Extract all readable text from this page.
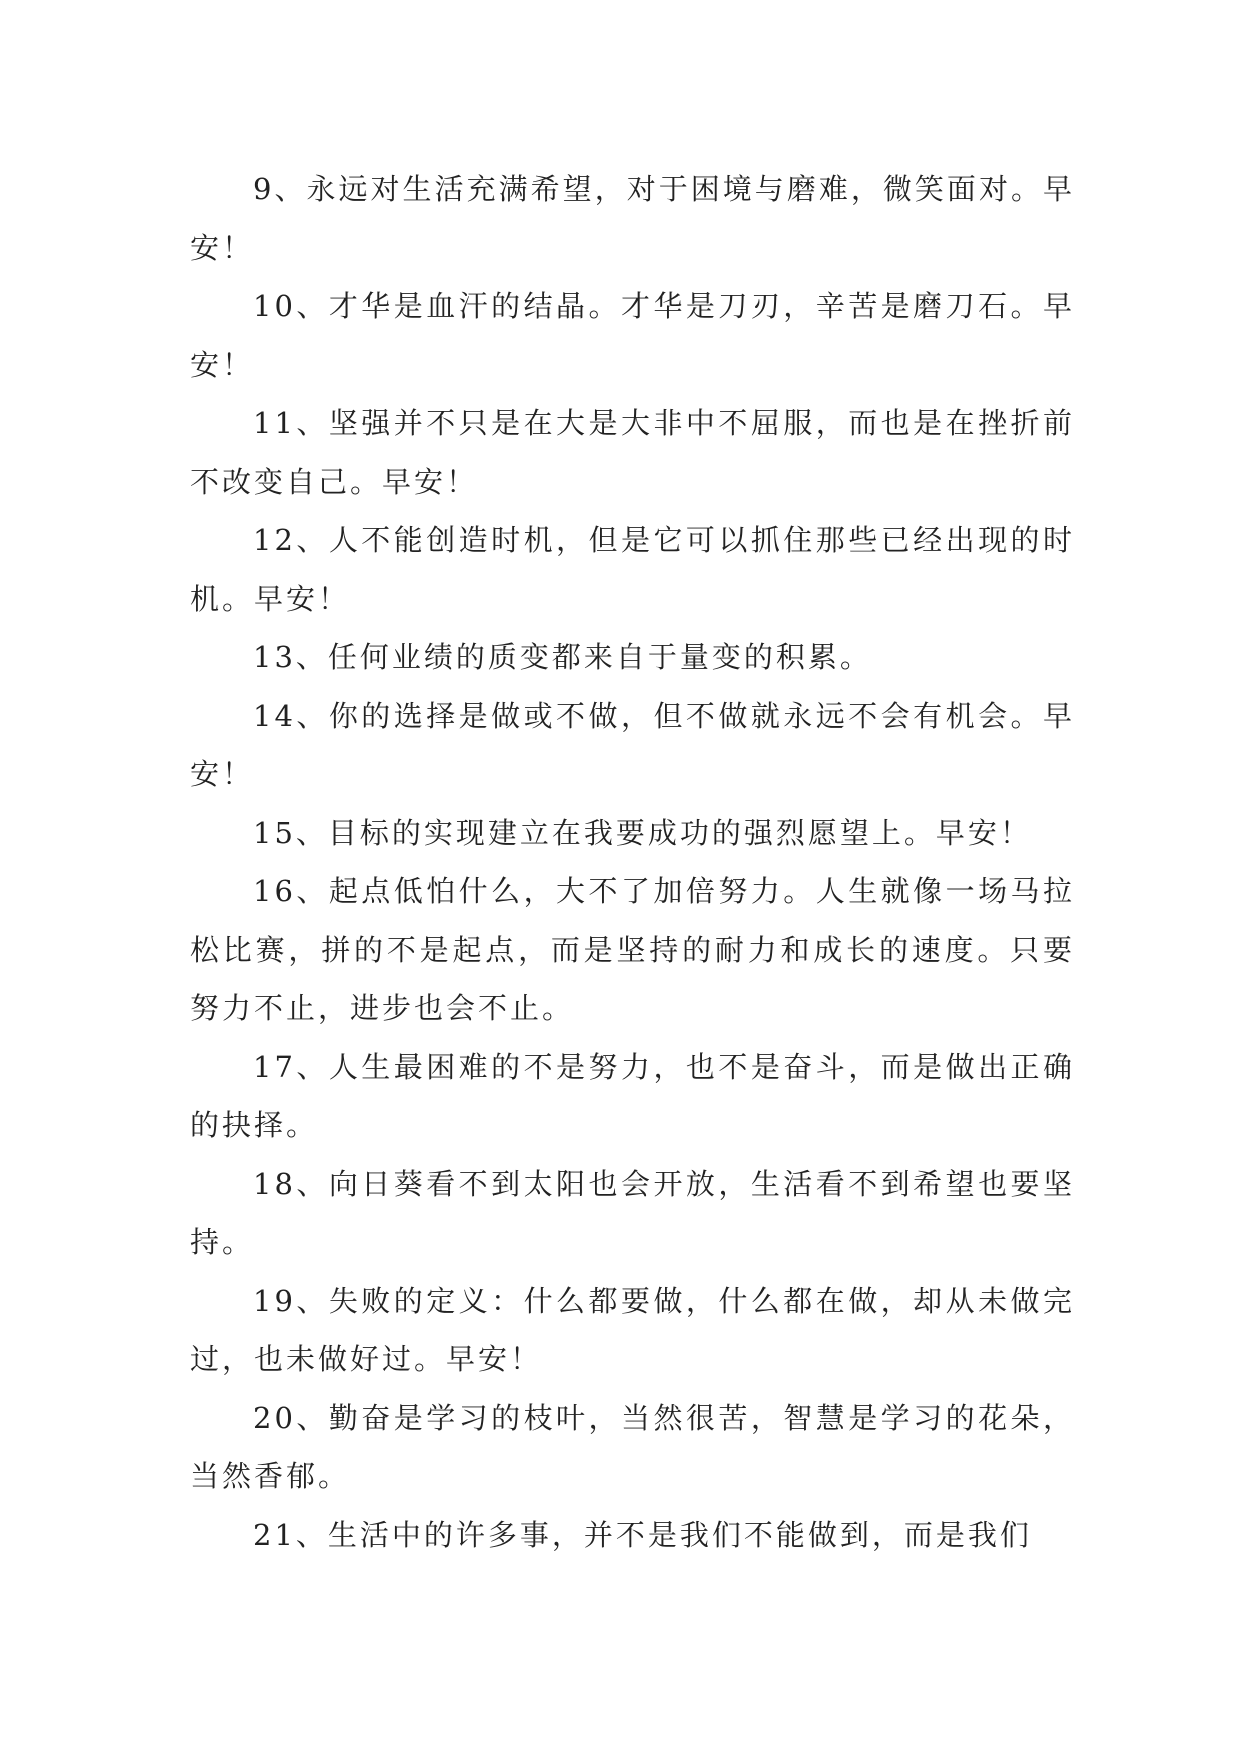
9、永远对生活充满希望，对于困境与磨难，微笑面对。早安！

10、才华是血汗的结晶。才华是刀刃，辛苦是磨刀石。早安！

11、坚强并不只是在大是大非中不屈服，而也是在挫折前不改变自己。早安！

12、人不能创造时机，但是它可以抓住那些已经出现的时机。早安！

13、任何业绩的质变都来自于量变的积累。

14、你的选择是做或不做，但不做就永远不会有机会。早安！

15、目标的实现建立在我要成功的强烈愿望上。早安！

16、起点低怕什么，大不了加倍努力。人生就像一场马拉松比赛，拼的不是起点，而是坚持的耐力和成长的速度。只要努力不止，进步也会不止。

17、人生最困难的不是努力，也不是奋斗，而是做出正确的抉择。

18、向日葵看不到太阳也会开放，生活看不到希望也要坚持。

19、失败的定义：什么都要做，什么都在做，却从未做完过，也未做好过。早安！

20、勤奋是学习的枝叶，当然很苦，智慧是学习的花朵，当然香郁。

21、生活中的许多事，并不是我们不能做到，而是我们
